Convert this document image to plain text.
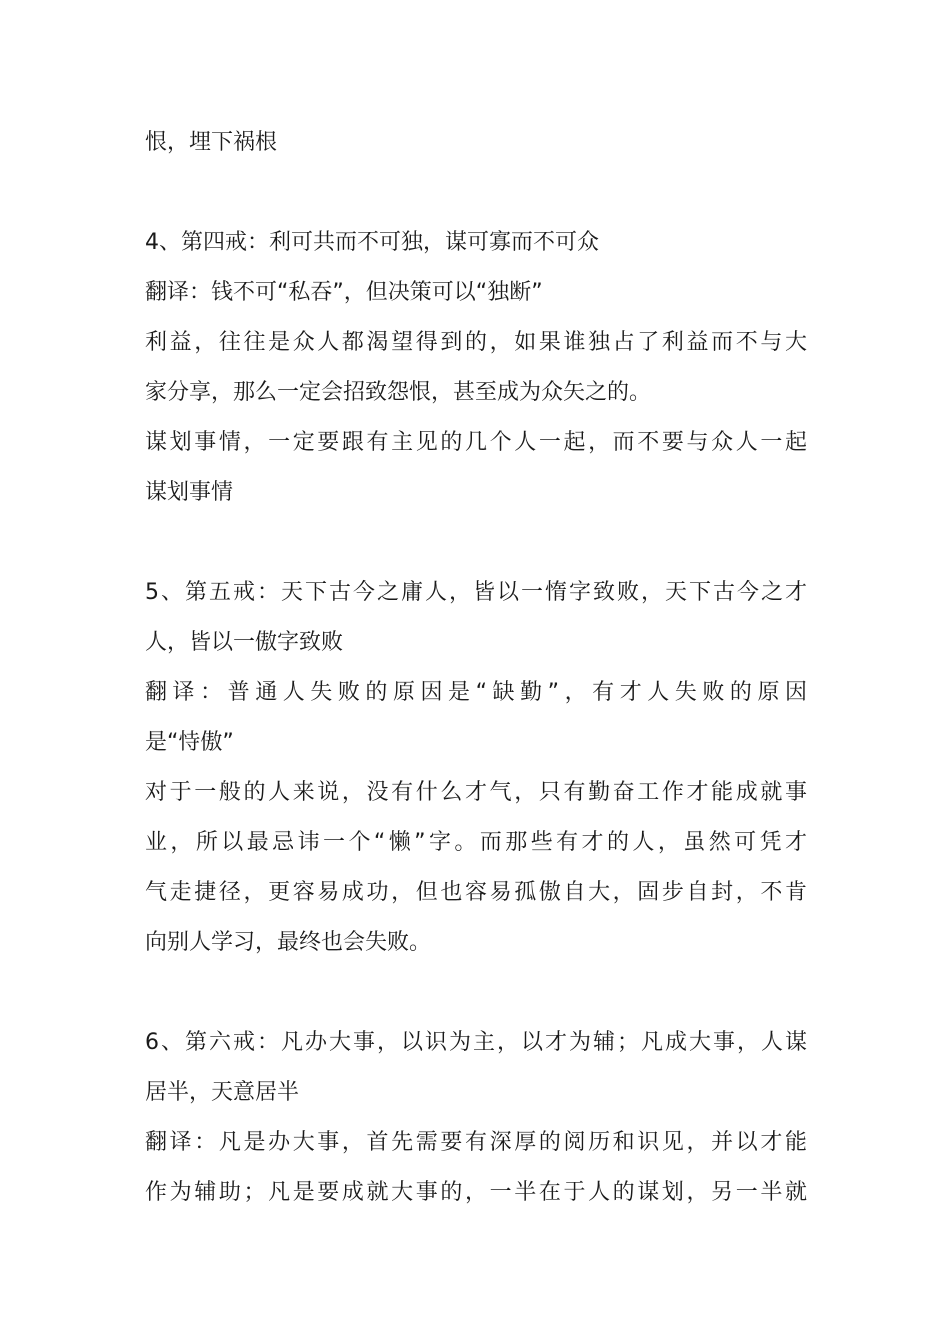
恨，埋下祸根
4、第四戒：利可共而不可独，谋可寡而不可众
翻译：钱不可“私吞”，但决策可以“独断”
利益，往往是众人都渴望得到的，如果谁独占了利益而不与大
家分享，那么一定会招致怨恨，甚至成为众矢之的。
谋划事情，一定要跟有主见的几个人一起，而不要与众人一起
谋划事情
5、第五戒：天下古今之庸人，皆以一惰字致败，天下古今之才
人，皆以一傲字致败
翻译：普通人失败的原因是“缺勤”，有才人失败的原因
是“恃傲”
对于一般的人来说，没有什么才气，只有勤奋工作才能成就事
业，所以最忌讳一个“懒”字。而那些有才的人，虽然可凭才
气走捷径，更容易成功，但也容易孤傲自大，固步自封，不肯
向别人学习，最终也会失败。
6、第六戒：凡办大事，以识为主，以才为辅；凡成大事，人谋
居半，天意居半
翻译：凡是办大事，首先需要有深厚的阅历和识见，并以才能
作为辅助；凡是要成就大事的，一半在于人的谋划，另一半就
